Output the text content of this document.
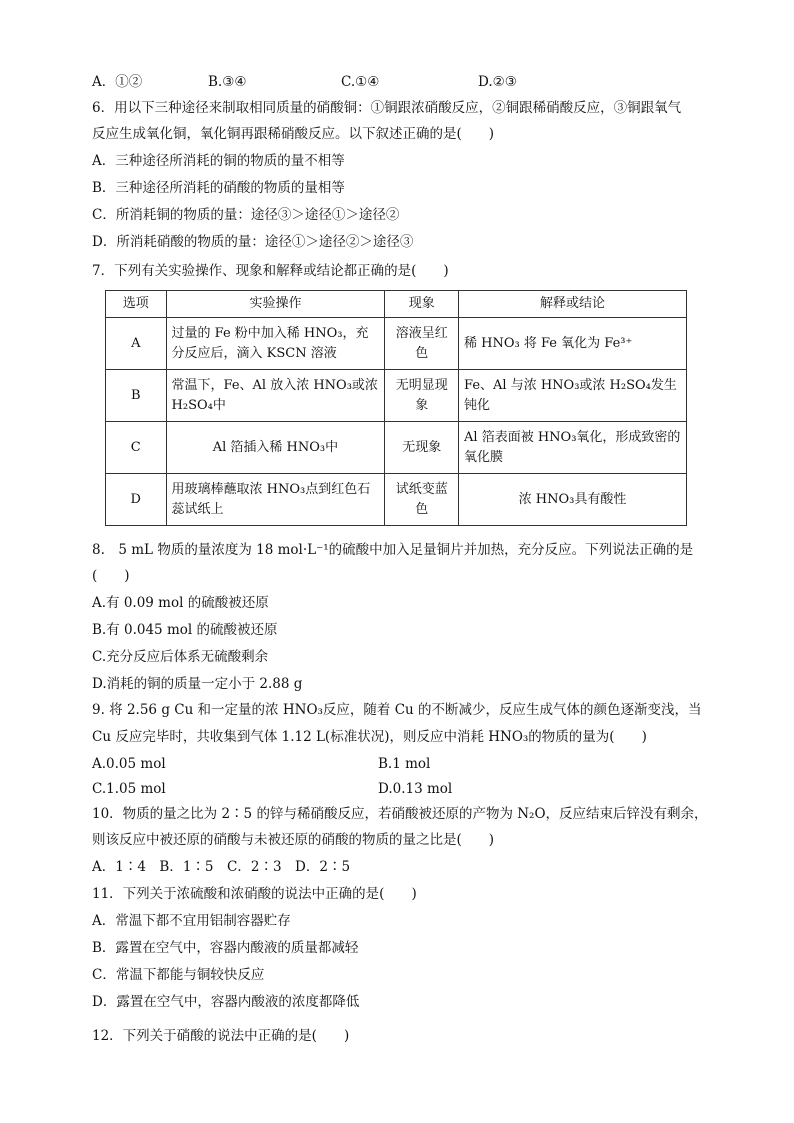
A．①②	B.③④	C.①④	D.②③
6．用以下三种途径来制取相同质量的硝酸铜：①铜跟浓硝酸反应，②铜跟稀硝酸反应，③铜跟氧气
反应生成氧化铜，氧化铜再跟稀硝酸反应。以下叙述正确的是(　　)
A．三种途径所消耗的铜的物质的量不相等
B．三种途径所消耗的硝酸的物质的量相等
C．所消耗铜的物质的量：途径③＞途径①＞途径②
D．所消耗硝酸的物质的量：途径①＞途径②＞途径③
7．下列有关实验操作、现象和解释或结论都正确的是(　　)
选项	实验操作	现象	解释或结论
A	过量的 Fe 粉中加入稀 HNO₃，充分反应后，滴入 KSCN 溶液	溶液呈红色	稀 HNO₃ 将 Fe 氧化为 Fe³⁺
B	常温下，Fe、Al 放入浓 HNO₃或浓 H₂SO₄中	无明显现象	Fe、Al 与浓 HNO₃或浓 H₂SO₄发生钝化
C	Al 箔插入稀 HNO₃中	无现象	Al 箔表面被 HNO₃氧化，形成致密的氧化膜
D	用玻璃棒蘸取浓 HNO₃点到红色石蕊试纸上	试纸变蓝色	浓 HNO₃具有酸性
8.　5 mL 物质的量浓度为 18 mol·L⁻¹的硫酸中加入足量铜片并加热，充分反应。下列说法正确的是
(　　)
A.有 0.09 mol 的硫酸被还原
B.有 0.045 mol 的硫酸被还原
C.充分反应后体系无硫酸剩余
D.消耗的铜的质量一定小于 2.88 g
9. 将 2.56 g Cu 和一定量的浓 HNO₃反应，随着 Cu 的不断减少，反应生成气体的颜色逐渐变浅，当
Cu 反应完毕时，共收集到气体 1.12 L(标准状况)，则反应中消耗 HNO₃的物质的量为(　　)
A.0.05 mol	B.1 mol
C.1.05 mol	D.0.13 mol
10．物质的量之比为 2∶5 的锌与稀硝酸反应，若硝酸被还原的产物为 N₂O，反应结束后锌没有剩余，
则该反应中被还原的硝酸与未被还原的硝酸的物质的量之比是(　　)
A．1∶4　B．1∶5　C．2∶3　D．2∶5
11．下列关于浓硫酸和浓硝酸的说法中正确的是(　　)
A．常温下都不宜用铝制容器贮存
B．露置在空气中，容器内酸液的质量都减轻
C．常温下都能与铜较快反应
D．露置在空气中，容器内酸液的浓度都降低
12．下列关于硝酸的说法中正确的是(　　)
